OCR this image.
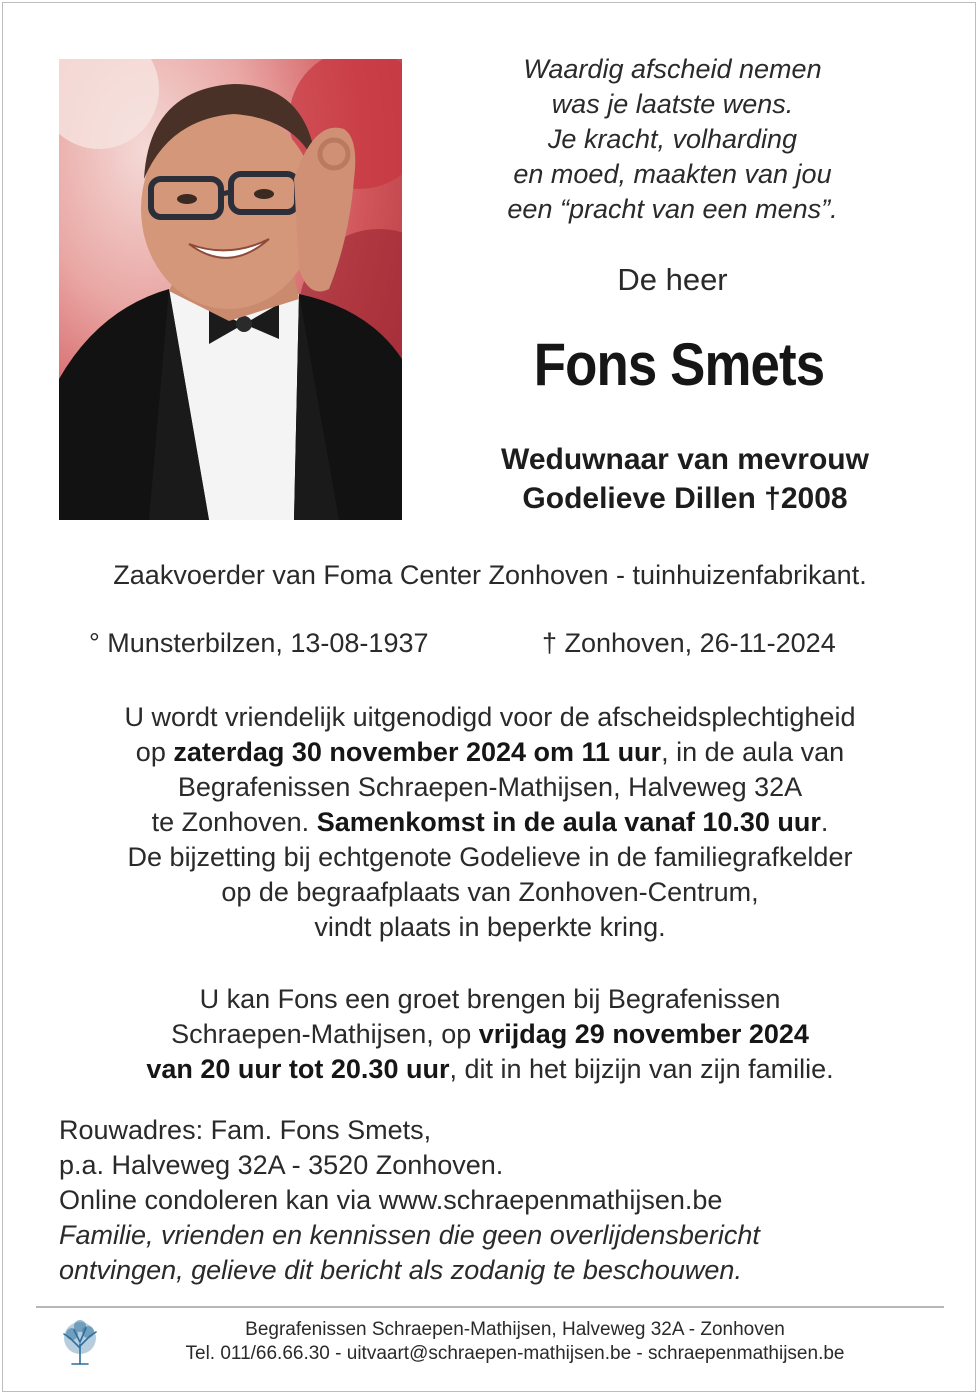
Waardig afscheid nemen
was je laatste wens.
Je kracht, volharding
en moed, maakten van jou
een “pracht van een mens”.
De heer
Fons Smets
Weduwnaar van mevrouw
Godelieve Dillen †2008
Zaakvoerder van Foma Center Zonhoven - tuinhuizenfabrikant.
° Munsterbilzen, 13-08-1937	† Zonhoven, 26-11-2024
U wordt vriendelijk uitgenodigd voor de afscheidsplechtigheid
op zaterdag 30 november 2024 om 11 uur, in de aula van
Begrafenissen Schraepen-Mathijsen, Halveweg 32A
te Zonhoven. Samenkomst in de aula vanaf 10.30 uur.
De bijzetting bij echtgenote Godelieve in de familiegrafkelder
op de begraafplaats van Zonhoven-Centrum,
vindt plaats in beperkte kring.
U kan Fons een groet brengen bij Begrafenissen
Schraepen-Mathijsen, op vrijdag 29 november 2024
van 20 uur tot 20.30 uur, dit in het bijzijn van zijn familie.
Rouwadres: Fam. Fons Smets,
p.a. Halveweg 32A - 3520 Zonhoven.
Online condoleren kan via www.schraepenmathijsen.be
Familie, vrienden en kennissen die geen overlijdensbericht
ontvingen, gelieve dit bericht als zodanig te beschouwen.
Begrafenissen Schraepen-Mathijsen, Halveweg 32A - Zonhoven
Tel. 011/66.66.30 - uitvaart@schraepen-mathijsen.be - schraepenmathijsen.be
